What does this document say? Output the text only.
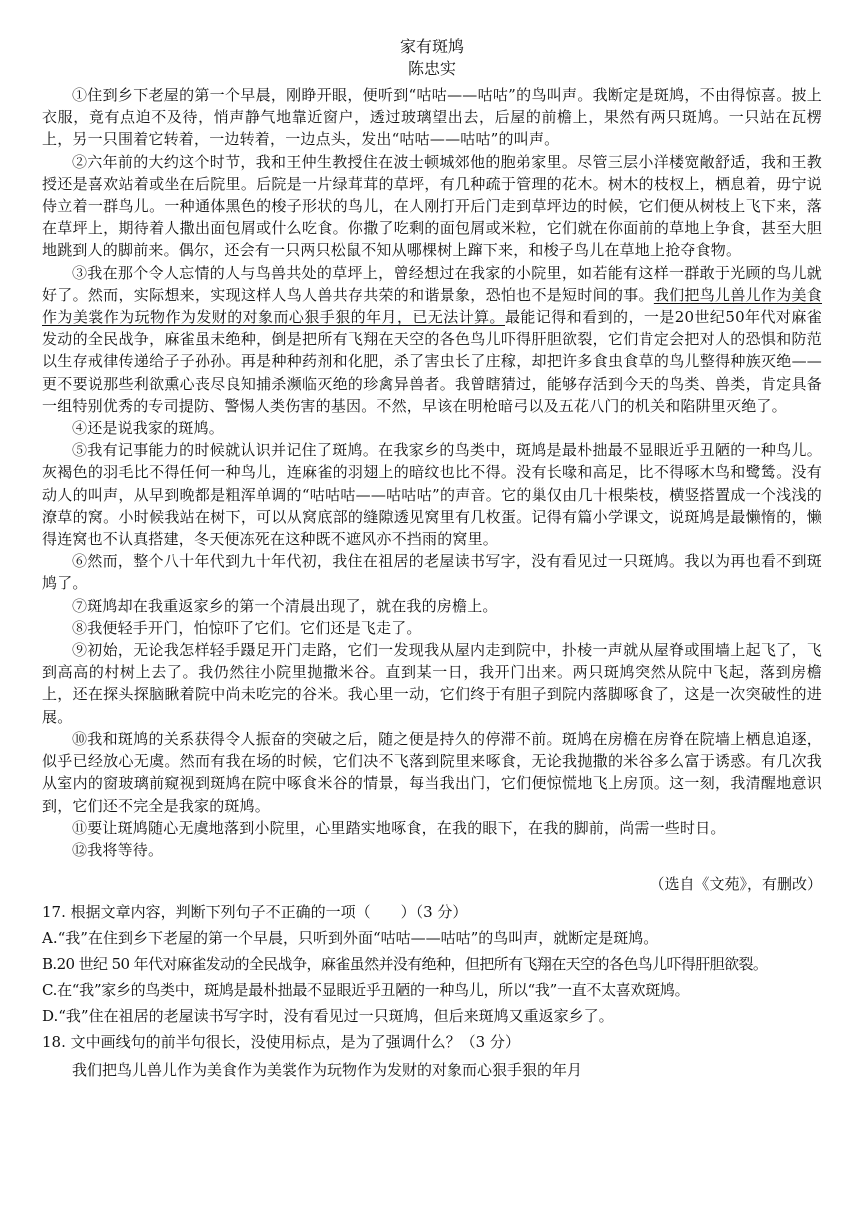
家有斑鸠
陈忠实

①住到乡下老屋的第一个早晨，刚睁开眼，便听到“咕咕——咕咕”的鸟叫声。我断定是斑鸠，不由得惊喜。披上衣服，竟有点迫不及待，悄声静气地靠近窗户，透过玻璃望出去，后屋的前檐上，果然有两只斑鸠。一只站在瓦楞上，另一只围着它转着，一边转着，一边点头，发出“咕咕——咕咕”的叫声。

②六年前的大约这个时节，我和王仲生教授住在波士顿城郊他的胞弟家里。尽管三层小洋楼宽敞舒适，我和王教授还是喜欢站着或坐在后院里。后院是一片绿茸茸的草坪，有几种疏于管理的花木。树木的枝杈上，栖息着，毋宁说侍立着一群鸟儿。一种通体黑色的梭子形状的鸟儿，在人刚打开后门走到草坪边的时候，它们便从树枝上飞下来，落在草坪上，期待着人撒出面包屑或什么吃食。你撒了吃剩的面包屑或米粒，它们就在你面前的草地上争食，甚至大胆地跳到人的脚前来。偶尔，还会有一只两只松鼠不知从哪棵树上蹿下来，和梭子鸟儿在草地上抢夺食物。

③我在那个令人忘情的人与鸟兽共处的草坪上，曾经想过在我家的小院里，如若能有这样一群敢于光顾的鸟儿就好了。然而，实际想来，实现这样人鸟人兽共存共荣的和谐景象，恐怕也不是短时间的事。我们把鸟儿兽儿作为美食作为美裳作为玩物作为发财的对象而心狠手狠的年月，已无法计算。最能记得和看到的，一是20世纪50年代对麻雀发动的全民战争，麻雀虽未绝种，倒是把所有飞翔在天空的各色鸟儿吓得肝胆欲裂，它们肯定会把对人的恐惧和防范以生存戒律传递给子子孙孙。再是种种药剂和化肥，杀了害虫长了庄稼，却把许多食虫食草的鸟儿整得种族灭绝——更不要说那些利欲熏心丧尽良知捕杀濒临灭绝的珍禽异兽者。我曾瞎猜过，能够存活到今天的鸟类、兽类，肯定具备一组特别优秀的专司提防、警惕人类伤害的基因。不然，早该在明枪暗弓以及五花八门的机关和陷阱里灭绝了。

④还是说我家的斑鸠。

⑤我有记事能力的时候就认识并记住了斑鸠。在我家乡的鸟类中，斑鸠是最朴拙最不显眼近乎丑陋的一种鸟儿。灰褐色的羽毛比不得任何一种鸟儿，连麻雀的羽翅上的暗纹也比不得。没有长喙和高足，比不得啄木鸟和鹭鸶。没有动人的叫声，从早到晚都是粗浑单调的“咕咕咕——咕咕咕”的声音。它的巢仅由几十根柴枝，横竖搭置成一个浅浅的潦草的窝。小时候我站在树下，可以从窝底部的缝隙透见窝里有几枚蛋。记得有篇小学课文，说斑鸠是最懒惰的，懒得连窝也不认真搭建，冬天便冻死在这种既不遮风亦不挡雨的窝里。

⑥然而，整个八十年代到九十年代初，我住在祖居的老屋读书写字，没有看见过一只斑鸠。我以为再也看不到斑鸠了。

⑦斑鸠却在我重返家乡的第一个清晨出现了，就在我的房檐上。

⑧我便轻手开门，怕惊吓了它们。它们还是飞走了。

⑨初始，无论我怎样轻手蹑足开门走路，它们一发现我从屋内走到院中，扑棱一声就从屋脊或围墙上起飞了，飞到高高的村树上去了。我仍然往小院里抛撒米谷。直到某一日，我开门出来。两只斑鸠突然从院中飞起，落到房檐上，还在探头探脑瞅着院中尚未吃完的谷米。我心里一动，它们终于有胆子到院内落脚啄食了，这是一次突破性的进展。

⑩我和斑鸠的关系获得令人振奋的突破之后，随之便是持久的停滞不前。斑鸠在房檐在房脊在院墙上栖息追逐，似乎已经放心无虞。然而有我在场的时候，它们决不飞落到院里来啄食，无论我抛撒的米谷多么富于诱惑。有几次我从室内的窗玻璃前窥视到斑鸠在院中啄食米谷的情景，每当我出门，它们便惊慌地飞上房顶。这一刻，我清醒地意识到，它们还不完全是我家的斑鸠。

⑪要让斑鸠随心无虞地落到小院里，心里踏实地啄食，在我的眼下，在我的脚前，尚需一些时日。

⑫我将等待。

（选自《文苑》，有删改）

17. 根据文章内容，判断下列句子不正确的一项（　　）（3 分）

A.“我”在住到乡下老屋的第一个早晨，只听到外面“咕咕——咕咕”的鸟叫声，就断定是斑鸠。

B.20 世纪 50 年代对麻雀发动的全民战争，麻雀虽然并没有绝种，但把所有飞翔在天空的各色鸟儿吓得肝胆欲裂。

C.在“我”家乡的鸟类中，斑鸠是最朴拙最不显眼近乎丑陋的一种鸟儿，所以“我”一直不太喜欢斑鸠。

D.“我”住在祖居的老屋读书写字时，没有看见过一只斑鸠，但后来斑鸠又重返家乡了。

18. 文中画线句的前半句很长，没使用标点，是为了强调什么？（3 分）

我们把鸟儿兽儿作为美食作为美裳作为玩物作为发财的对象而心狠手狠的年月
